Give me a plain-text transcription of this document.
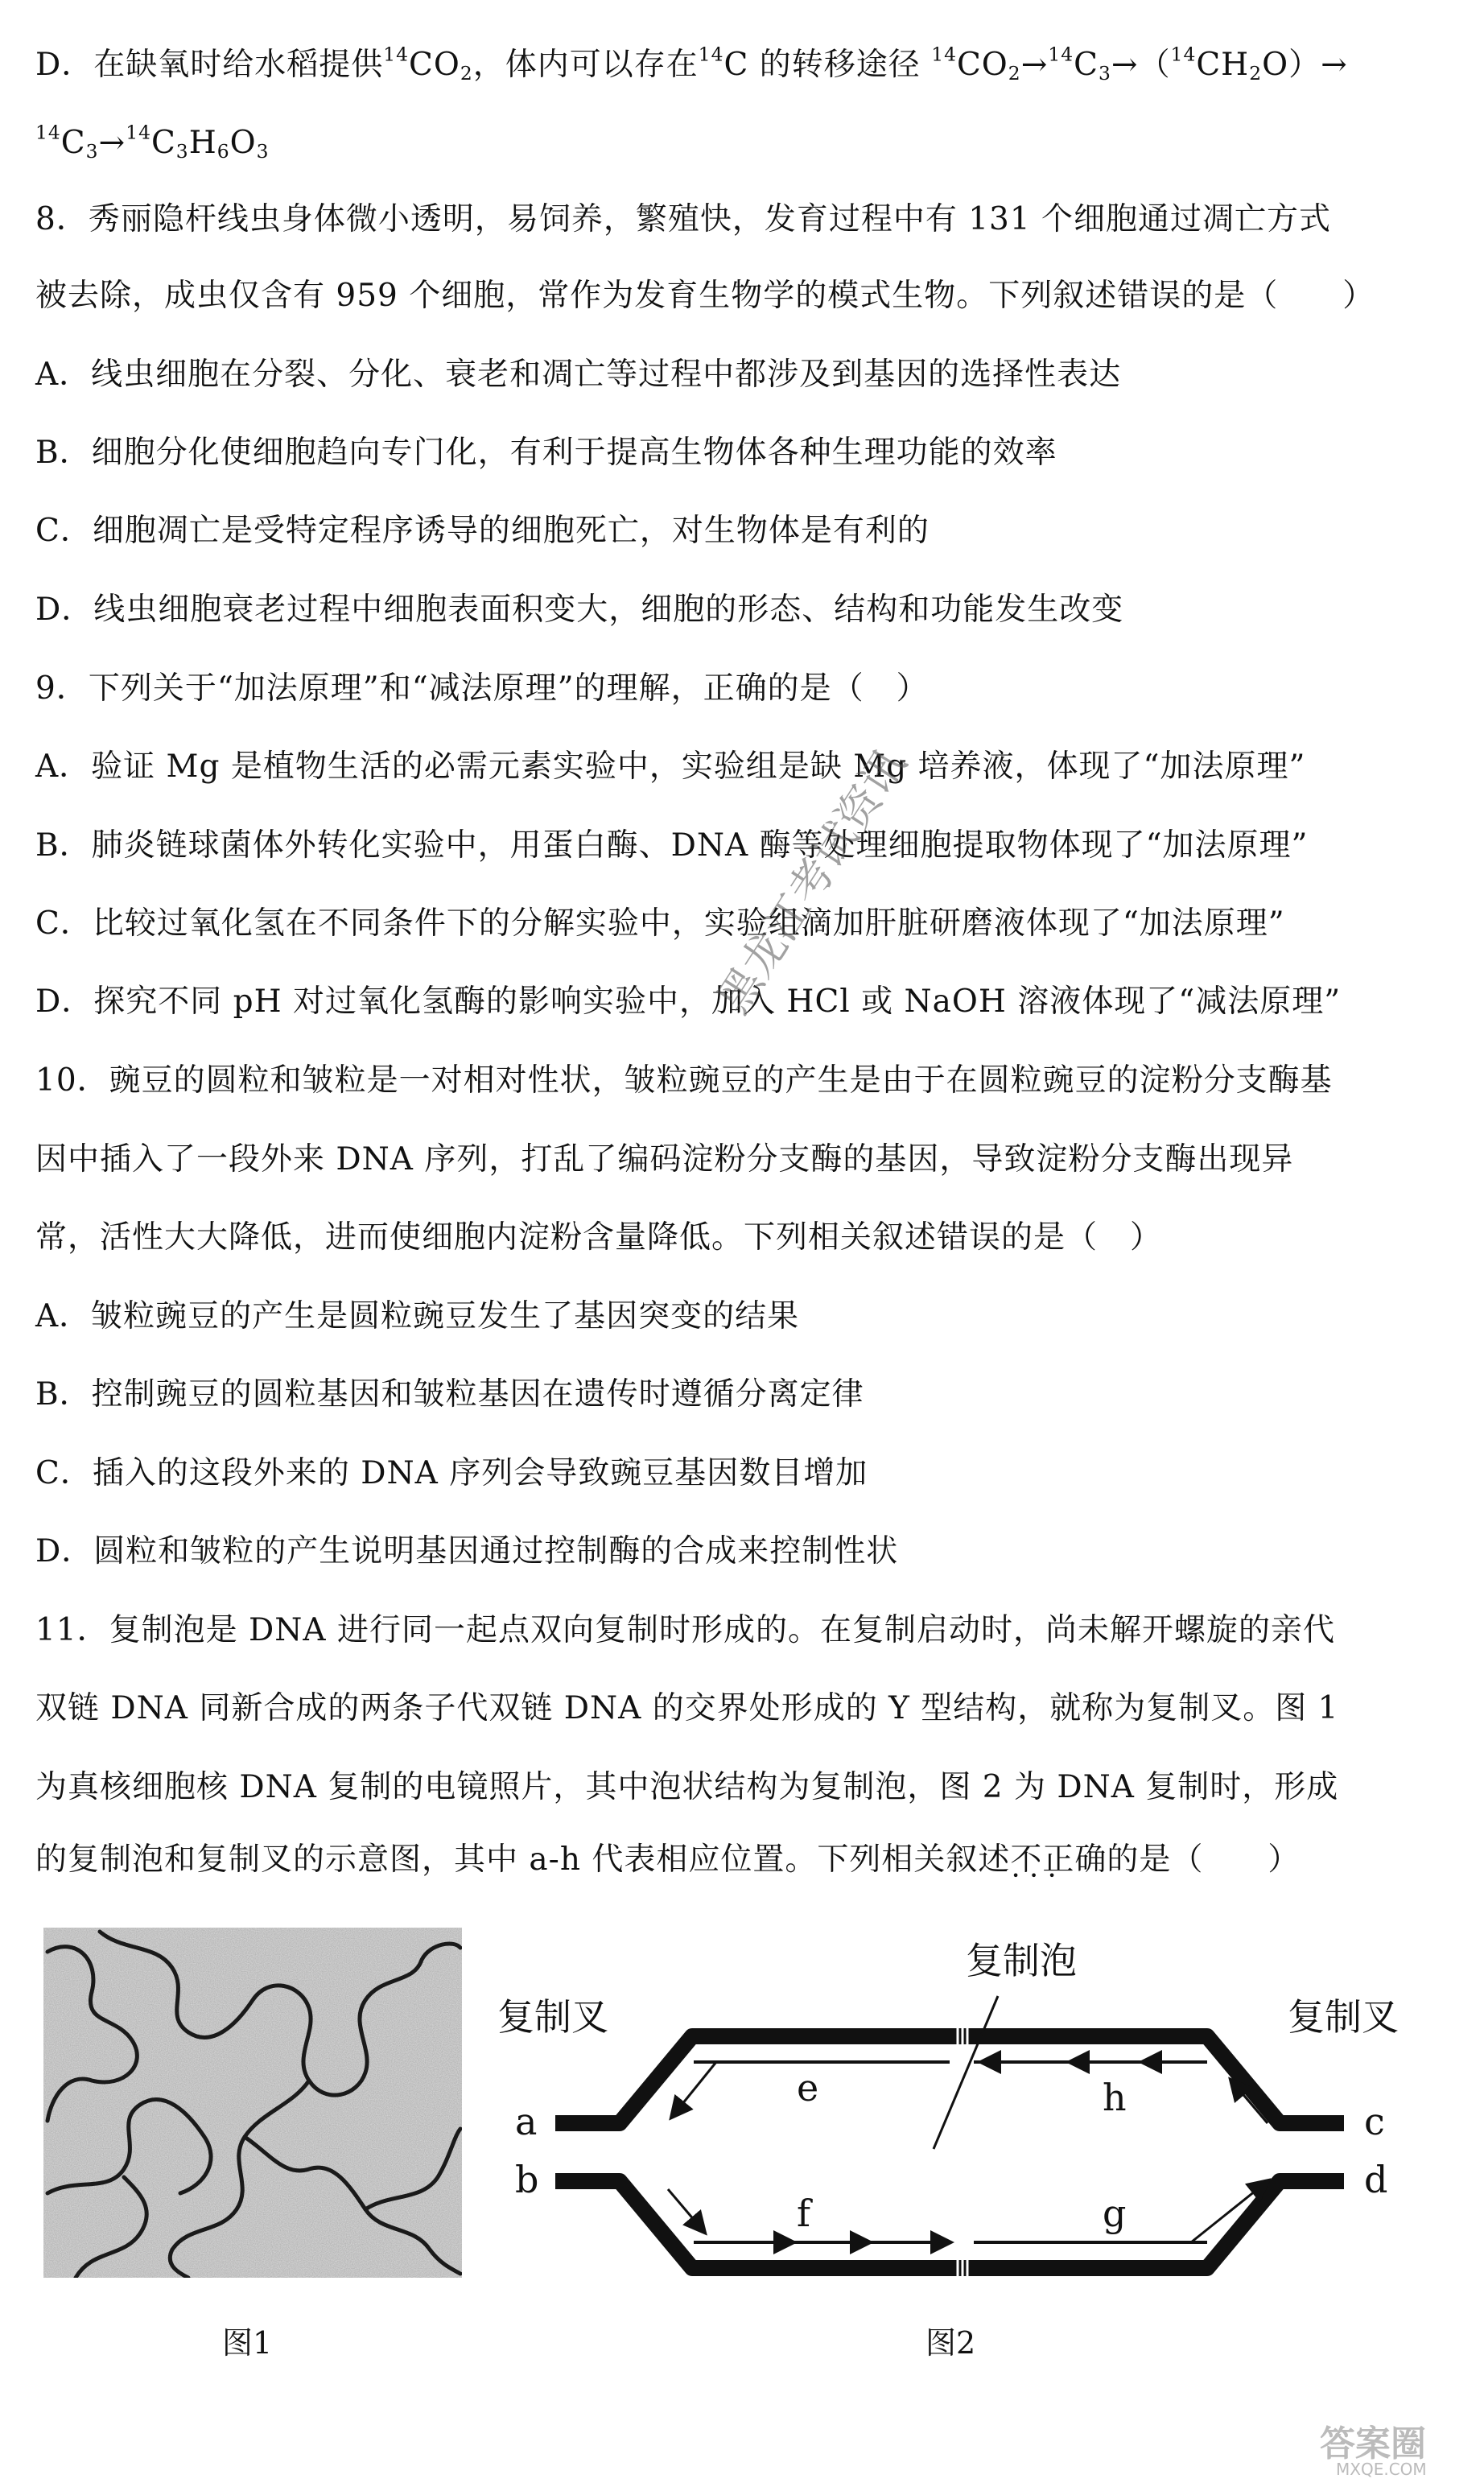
D．在缺氧时给水稻提供$^{14}CO_2$，体内可以存在$^{14}$C 的转移途径 $^{14}CO_2\to^{14}C_3\to(^{14}CH_2O)\to$
$^{14}C_3\to^{14}C_3H_6O_3$
8．秀丽隐杆线虫身体微小透明，易饲养，繁殖快，发育过程中有 131 个细胞通过凋亡方式
被去除，成虫仅含有 959 个细胞，常作为发育生物学的模式生物。下列叙述错误的是（　　）
A．线虫细胞在分裂、分化、衰老和凋亡等过程中都涉及到基因的选择性表达
B．细胞分化使细胞趋向专门化，有利于提高生物体各种生理功能的效率
C．细胞凋亡是受特定程序诱导的细胞死亡，对生物体是有利的
D．线虫细胞衰老过程中细胞表面积变大，细胞的形态、结构和功能发生改变
9．下列关于“加法原理”和“减法原理”的理解，正确的是（　）
A．验证 Mg 是植物生活的必需元素实验中，实验组是缺 Mg 培养液，体现了“加法原理”
B．肺炎链球菌体外转化实验中，用蛋白酶、DNA 酶等处理细胞提取物体现了“加法原理”
C．比较过氧化氢在不同条件下的分解实验中，实验组滴加肝脏研磨液体现了“加法原理”
D．探究不同 pH 对过氧化氢酶的影响实验中，加入 HCl 或 NaOH 溶液体现了“减法原理”
10．豌豆的圆粒和皱粒是一对相对性状，皱粒豌豆的产生是由于在圆粒豌豆的淀粉分支酶基
因中插入了一段外来 DNA 序列，打乱了编码淀粉分支酶的基因，导致淀粉分支酶出现异
常，活性大大降低，进而使细胞内淀粉含量降低。下列相关叙述错误的是（　）
A．皱粒豌豆的产生是圆粒豌豆发生了基因突变的结果
B．控制豌豆的圆粒基因和皱粒基因在遗传时遵循分离定律
C．插入的这段外来的 DNA 序列会导致豌豆基因数目增加
D．圆粒和皱粒的产生说明基因通过控制酶的合成来控制性状
11．复制泡是 DNA 进行同一起点双向复制时形成的。在复制启动时，尚未解开螺旋的亲代
双链 DNA 同新合成的两条子代双链 DNA 的交界处形成的 Y 型结构，就称为复制叉。图 1
为真核细胞核 DNA 复制的电镜照片，其中泡状结构为复制泡，图 2 为 DNA 复制时，形成
的复制泡和复制叉的示意图，其中 a-h 代表相应位置。下列相关叙述不正确 • • •的是（　　）
复制泡
复制叉	复制叉
a
b
c
d
e
f	g
h
图1	图2
黑龙江考试资讯
答案圈
MXQE.COM
